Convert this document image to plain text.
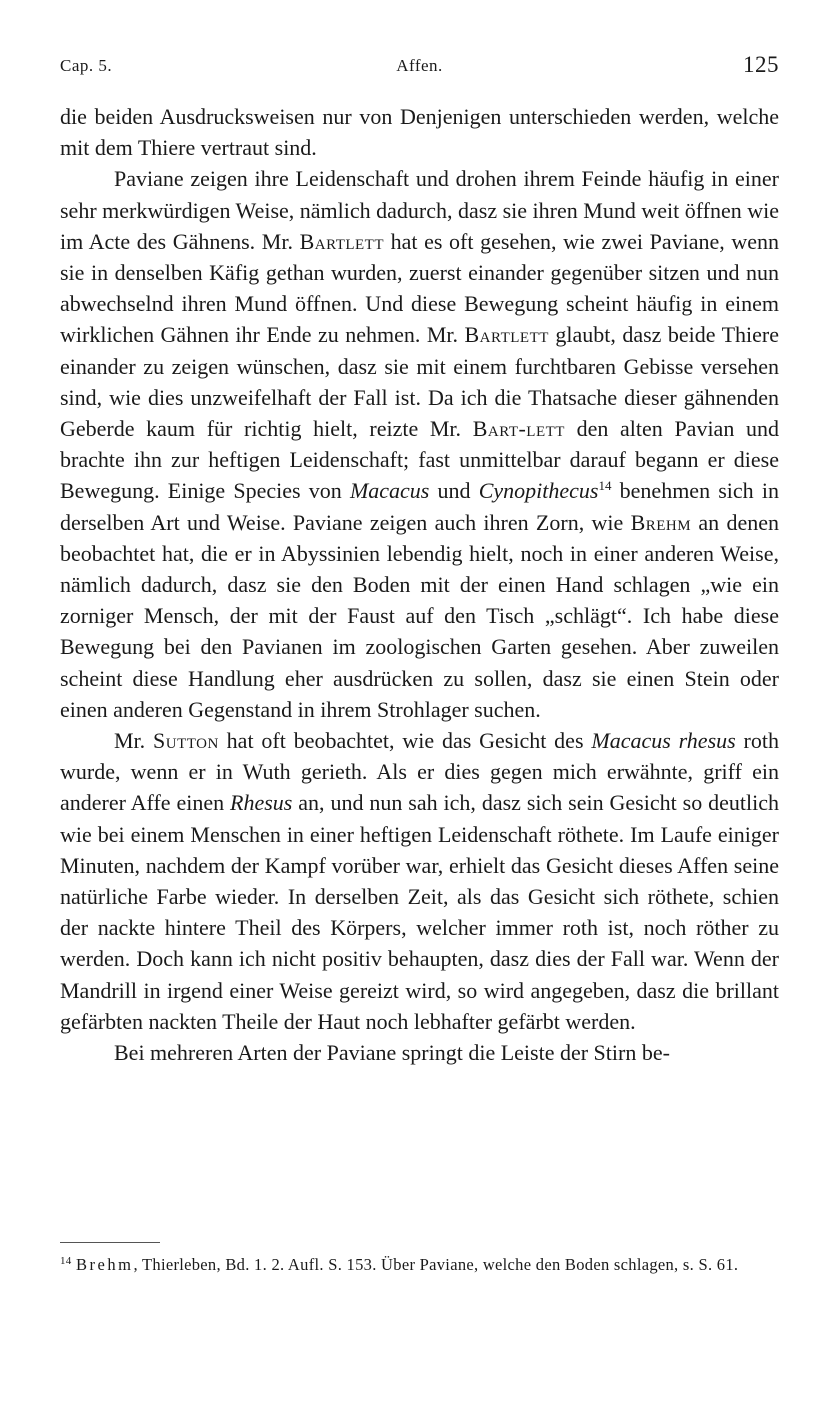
Cap. 5.	Affen.	125

die beiden Ausdrucksweisen nur von Denjenigen unterschieden werden, welche mit dem Thiere vertraut sind.

Paviane zeigen ihre Leidenschaft und drohen ihrem Feinde häufig in einer sehr merkwürdigen Weise, nämlich dadurch, dasz sie ihren Mund weit öffnen wie im Acte des Gähnens. Mr. Bartlett hat es oft gesehen, wie zwei Paviane, wenn sie in denselben Käfig gethan wurden, zuerst einander gegenüber sitzen und nun abwechselnd ihren Mund öffnen. Und diese Bewegung scheint häufig in einem wirklichen Gähnen ihr Ende zu nehmen. Mr. Bartlett glaubt, dasz beide Thiere einander zu zeigen wünschen, dasz sie mit einem furchtbaren Gebisse versehen sind, wie dies unzweifelhaft der Fall ist. Da ich die Thatsache dieser gähnenden Geberde kaum für richtig hielt, reizte Mr. Bart-lett den alten Pavian und brachte ihn zur heftigen Leidenschaft; fast unmittelbar darauf begann er diese Bewegung. Einige Species von Macacus und Cynopithecus$^{14}$ benehmen sich in derselben Art und Weise. Paviane zeigen auch ihren Zorn, wie Brehm an denen beobachtet hat, die er in Abyssinien lebendig hielt, noch in einer anderen Weise, nämlich dadurch, dasz sie den Boden mit der einen Hand schlagen „wie ein zorniger Mensch, der mit der Faust auf den Tisch „schlägt“. Ich habe diese Bewegung bei den Pavianen im zoologischen Garten gesehen. Aber zuweilen scheint diese Handlung eher ausdrücken zu sollen, dasz sie einen Stein oder einen anderen Gegenstand in ihrem Strohlager suchen.

Mr. Sutton hat oft beobachtet, wie das Gesicht des Macacus rhesus roth wurde, wenn er in Wuth gerieth. Als er dies gegen mich erwähnte, griff ein anderer Affe einen Rhesus an, und nun sah ich, dasz sich sein Gesicht so deutlich wie bei einem Menschen in einer heftigen Leidenschaft röthete. Im Laufe einiger Minuten, nachdem der Kampf vorüber war, erhielt das Gesicht dieses Affen seine natürliche Farbe wieder. In derselben Zeit, als das Gesicht sich röthete, schien der nackte hintere Theil des Körpers, welcher immer roth ist, noch röther zu werden. Doch kann ich nicht positiv behaupten, dasz dies der Fall war. Wenn der Mandrill in irgend einer Weise gereizt wird, so wird angegeben, dasz die brillant gefärbten nackten Theile der Haut noch lebhafter gefärbt werden.

Bei mehreren Arten der Paviane springt die Leiste der Stirn be-

$^{14}$ Brehm, Thierleben, Bd. 1. 2. Aufl. S. 153. Über Paviane, welche den Boden schlagen, s. S. 61.
